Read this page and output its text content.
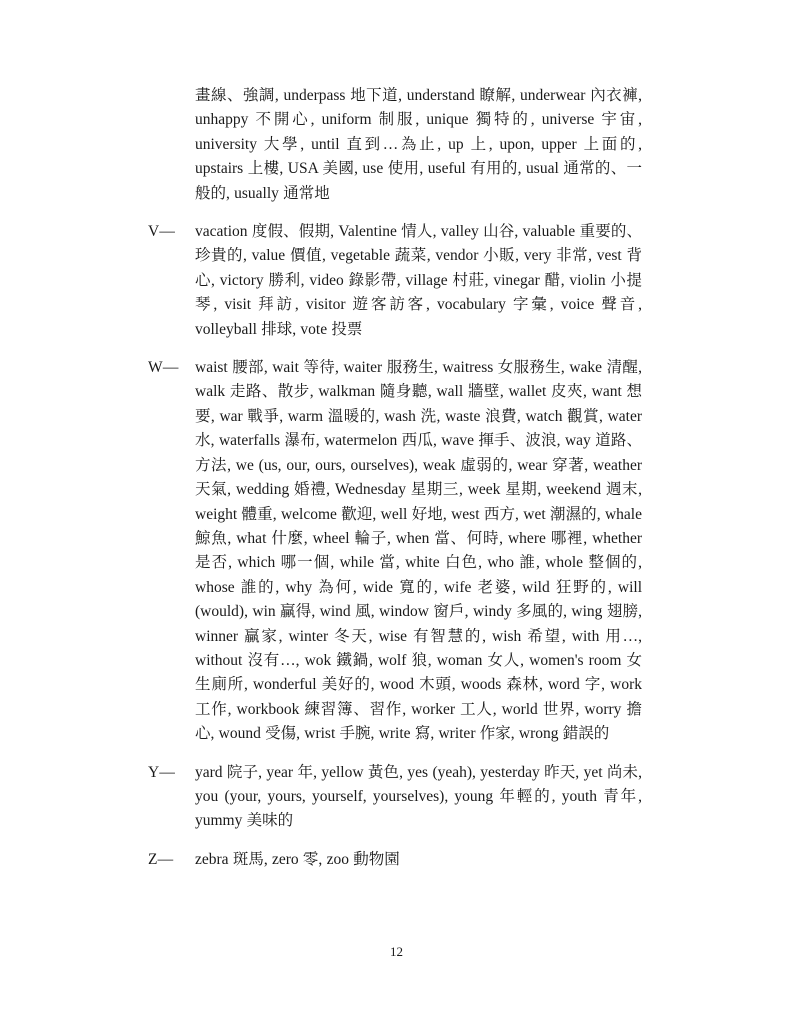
畫線、強調, underpass 地下道, understand 瞭解, underwear 內衣褲, unhappy 不開心, uniform 制服, unique 獨特的, universe 宇宙, university 大學, until 直到…為止, up 上, upon, upper 上面的, upstairs 上樓, USA 美國, use 使用, useful 有用的, usual 通常的、一般的, usually 通常地
V—	vacation 度假、假期, Valentine 情人, valley 山谷, valuable 重要的、珍貴的, value 價值, vegetable 蔬菜, vendor 小販, very 非常, vest 背心, victory 勝利, video 錄影帶, village 村莊, vinegar 醋, violin 小提琴, visit 拜訪, visitor 遊客訪客, vocabulary 字彙, voice 聲音, volleyball 排球, vote 投票
W—	waist 腰部, wait 等待, waiter 服務生, waitress 女服務生, wake 清醒, walk 走路、散步, walkman 隨身聽, wall 牆壁, wallet 皮夾, want 想要, war 戰爭, warm 溫暖的, wash 洗, waste 浪費, watch 觀賞, water 水, waterfalls 瀑布, watermelon 西瓜, wave 揮手、波浪, way 道路、方法, we (us, our, ours, ourselves), weak 虛弱的, wear 穿著, weather 天氣, wedding 婚禮, Wednesday 星期三, week 星期, weekend 週末, weight 體重, welcome 歡迎, well 好地, west 西方, wet 潮濕的, whale 鯨魚, what 什麼, wheel 輪子, when 當、何時, where 哪裡, whether 是否, which 哪一個, while 當, white 白色, who 誰, whole 整個的, whose 誰的, why 為何, wide 寬的, wife 老婆, wild 狂野的, will (would), win 贏得, wind 風, window 窗戶, windy 多風的, wing 翅膀, winner 贏家, winter 冬天, wise 有智慧的, wish 希望, with 用…, without 沒有…, wok 鐵鍋, wolf 狼, woman 女人, women's room 女生廁所, wonderful 美好的, wood 木頭, woods 森林, word 字, work 工作, workbook 練習簿、習作, worker 工人, world 世界, worry 擔心, wound 受傷, wrist 手腕, write 寫, writer 作家, wrong 錯誤的
Y—	yard 院子, year 年, yellow 黃色, yes (yeah), yesterday 昨天, yet 尚未, you (your, yours, yourself, yourselves), young 年輕的, youth 青年, yummy 美味的
Z—	zebra 斑馬, zero 零, zoo 動物園
12
